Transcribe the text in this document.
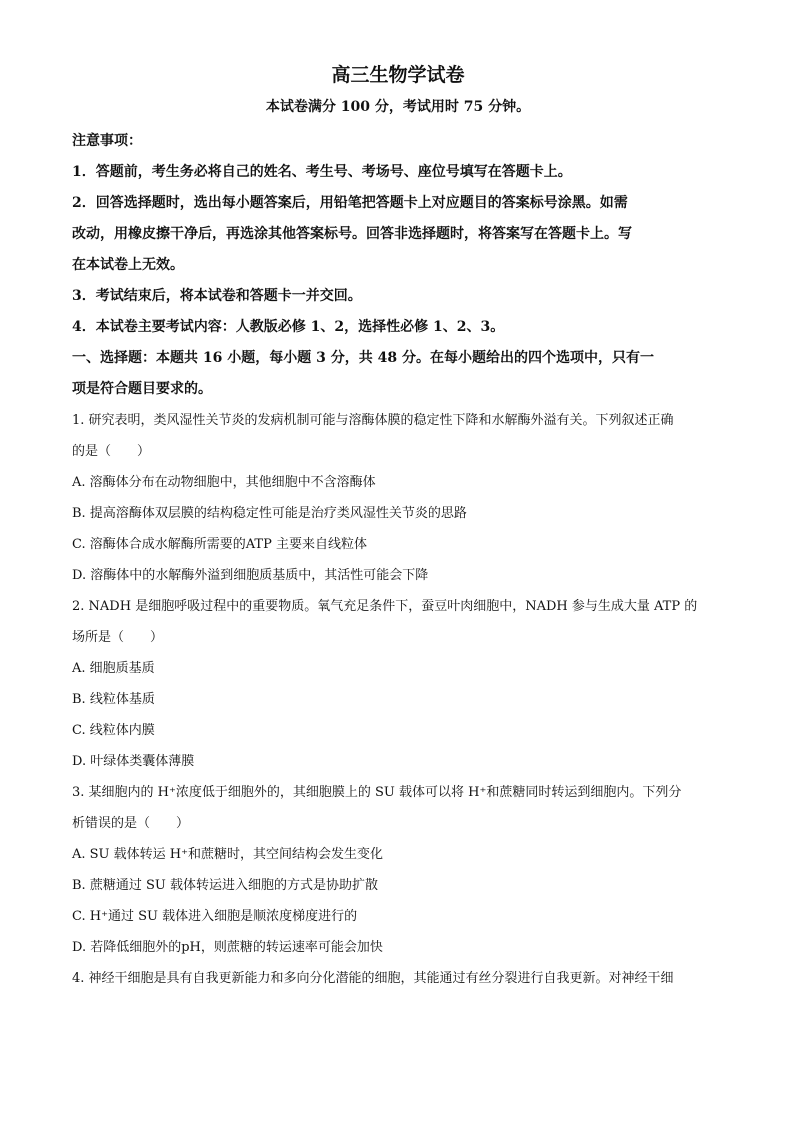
高三生物学试卷

本试卷满分 100 分，考试用时 75 分钟。

注意事项：

1．答题前，考生务必将自己的姓名、考生号、考场号、座位号填写在答题卡上。

2．回答选择题时，选出每小题答案后，用铅笔把答题卡上对应题目的答案标号涂黑。如需

改动，用橡皮擦干净后，再选涂其他答案标号。回答非选择题时，将答案写在答题卡上。写

在本试卷上无效。

3．考试结束后，将本试卷和答题卡一并交回。

4．本试卷主要考试内容：人教版必修 1、2，选择性必修 1、2、3。

一、选择题：本题共 16 小题，每小题 3 分，共 48 分。在每小题给出的四个选项中，只有一

项是符合题目要求的。

1. 研究表明，类风湿性关节炎的发病机制可能与溶酶体膜的稳定性下降和水解酶外溢有关。下列叙述正确

的是（　　）

A. 溶酶体分布在动物细胞中，其他细胞中不含溶酶体

B. 提高溶酶体双层膜的结构稳定性可能是治疗类风湿性关节炎的思路

C. 溶酶体合成水解酶所需要的ATP 主要来自线粒体

D. 溶酶体中的水解酶外溢到细胞质基质中，其活性可能会下降

2. NADH 是细胞呼吸过程中的重要物质。氧气充足条件下，蚕豆叶肉细胞中，NADH 参与生成大量 ATP 的

场所是（　　）

A. 细胞质基质

B. 线粒体基质

C. 线粒体内膜

D. 叶绿体类囊体薄膜

3. 某细胞内的 H⁺浓度低于细胞外的，其细胞膜上的 SU 载体可以将 H⁺和蔗糖同时转运到细胞内。下列分

析错误的是（　　）

A. SU 载体转运 H⁺和蔗糖时，其空间结构会发生变化

B. 蔗糖通过 SU 载体转运进入细胞的方式是协助扩散

C. H⁺通过 SU 载体进入细胞是顺浓度梯度进行的

D. 若降低细胞外的pH，则蔗糖的转运速率可能会加快

4. 神经干细胞是具有自我更新能力和多向分化潜能的细胞，其能通过有丝分裂进行自我更新。对神经干细
